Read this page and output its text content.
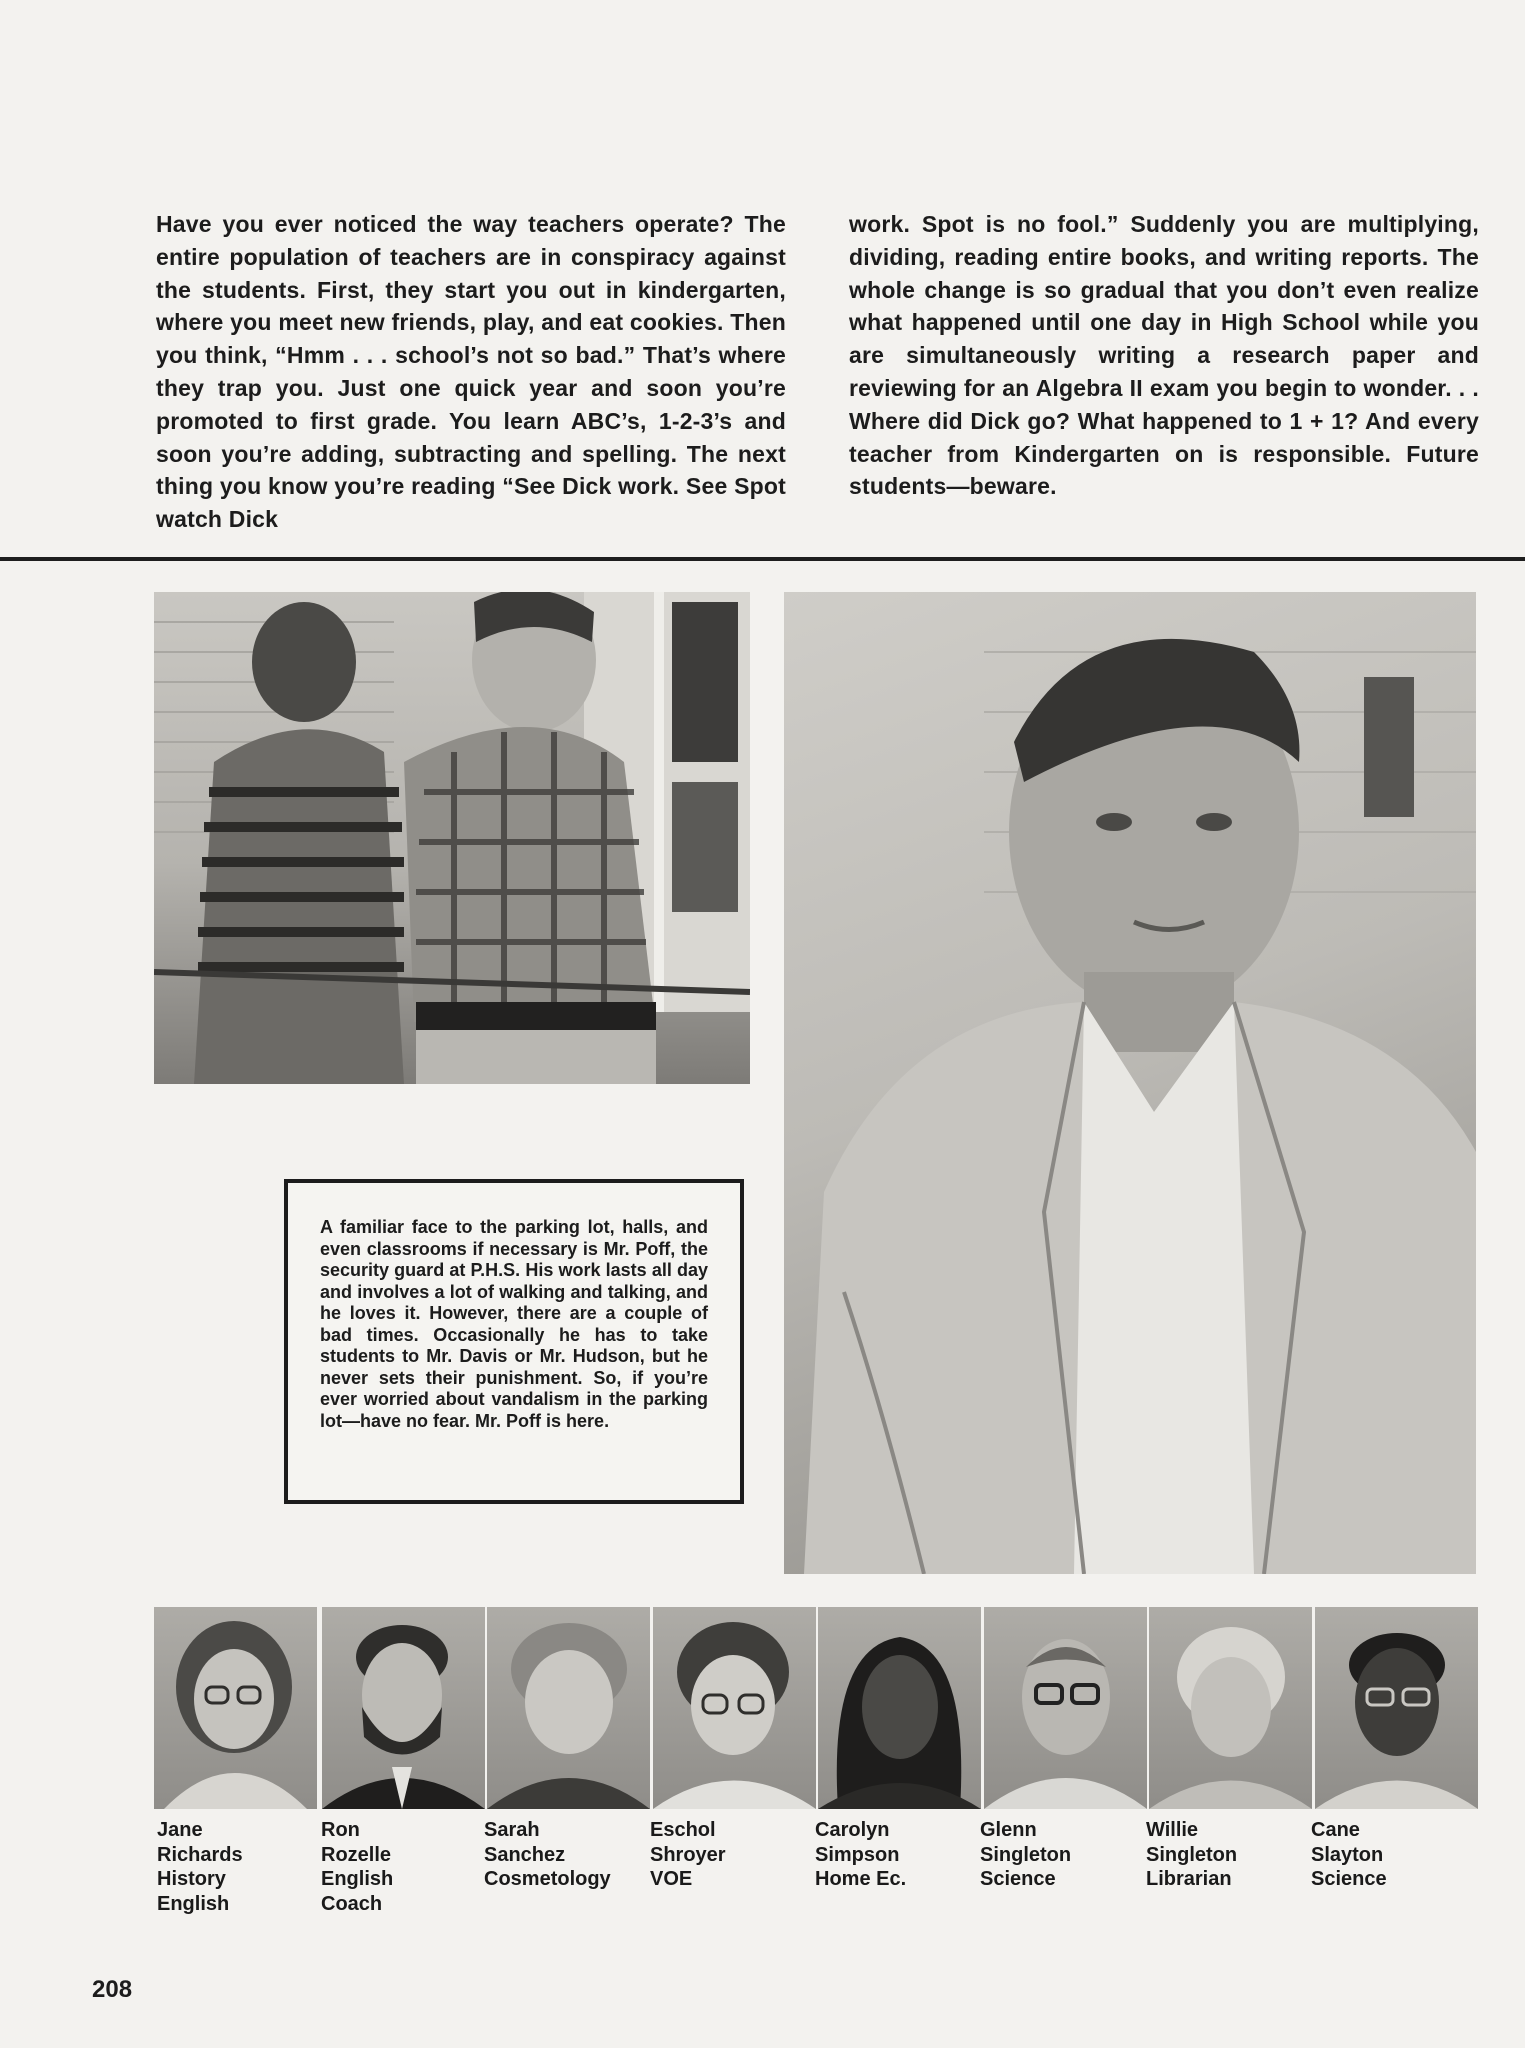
Have you ever noticed the way teachers operate? The entire population of teachers are in conspiracy against the students. First, they start you out in kindergarten, where you meet new friends, play, and eat cookies. Then you think, “Hmm . . . school’s not so bad.” That’s where they trap you. Just one quick year and soon you’re promoted to first grade. You learn ABC’s, 1-2-3’s and soon you’re adding, subtracting and spelling. The next thing you know you’re reading “See Dick work. See Spot watch Dick
work. Spot is no fool.” Suddenly you are multiplying, dividing, reading entire books, and writing reports. The whole change is so gradual that you don’t even realize what happened until one day in High School while you are simultaneously writing a research paper and reviewing for an Algebra II exam you begin to wonder. . . Where did Dick go? What happened to 1 + 1? And every teacher from Kindergarten on is responsible. Future students—beware.
A familiar face to the parking lot, halls, and even classrooms if necessary is Mr. Poff, the security guard at P.H.S. His work lasts all day and involves a lot of walking and talking, and he loves it. However, there are a couple of bad times. Occasionally he has to take students to Mr. Davis or Mr. Hudson, but he never sets their punishment. So, if you’re ever worried about vandalism in the parking lot—have no fear. Mr. Poff is here.
Jane
Richards
History
English
Ron
Rozelle
English
Coach
Sarah
Sanchez
Cosmetology
Eschol
Shroyer
VOE
Carolyn
Simpson
Home Ec.
Glenn
Singleton
Science
Willie
Singleton
Librarian
Cane
Slayton
Science
208
